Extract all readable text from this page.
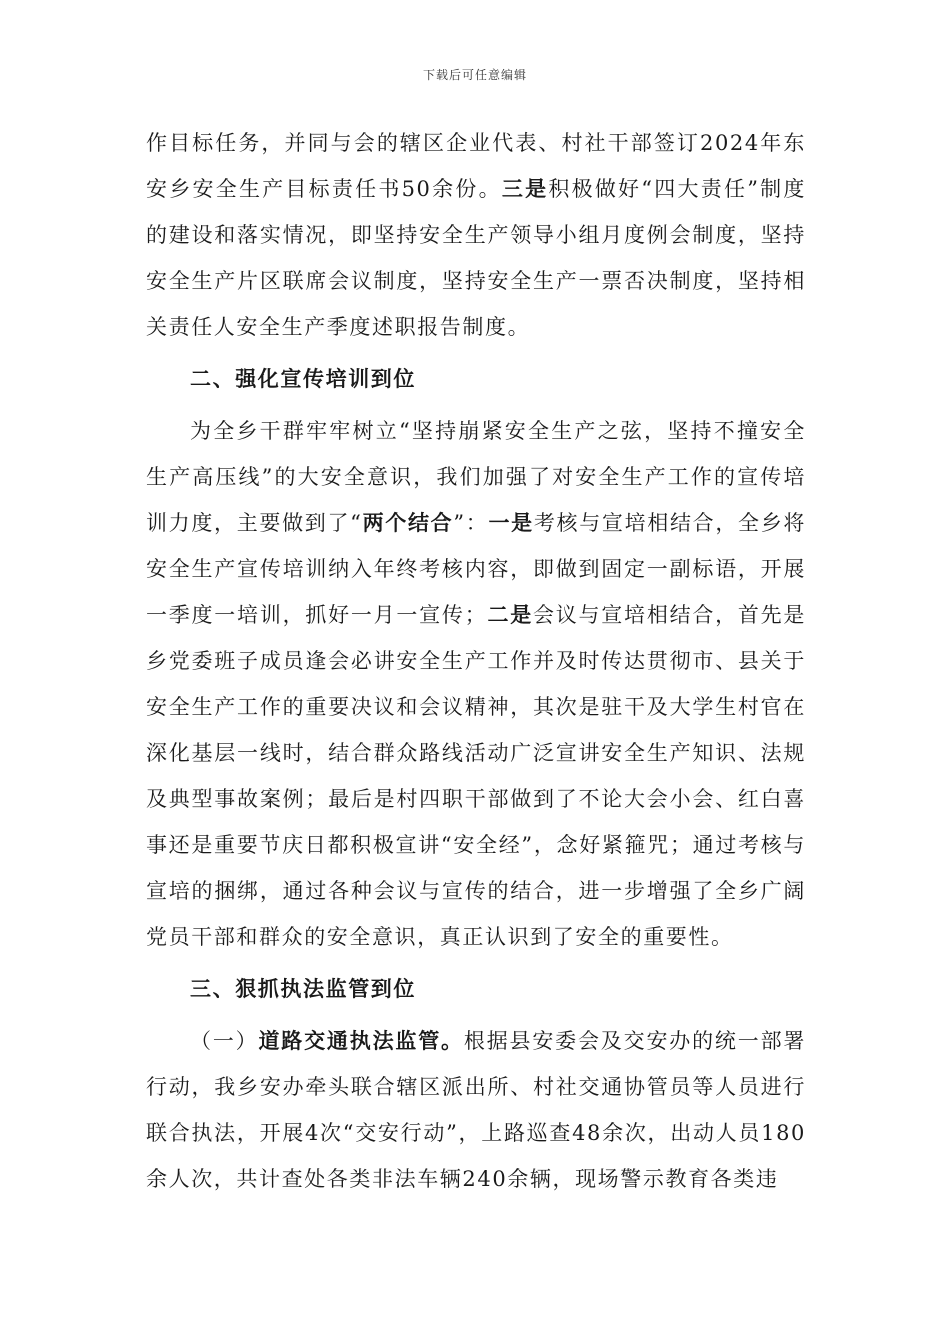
下载后可任意编辑

作目标任务，并同与会的辖区企业代表、村社干部签订2024年东安乡安全生产目标责任书50余份。三是积极做好“四大责任”制度的建设和落实情况，即坚持安全生产领导小组月度例会制度，坚持安全生产片区联席会议制度，坚持安全生产一票否决制度，坚持相关责任人安全生产季度述职报告制度。

二、强化宣传培训到位

为全乡干群牢牢树立“坚持崩紧安全生产之弦，坚持不撞安全生产高压线”的大安全意识，我们加强了对安全生产工作的宣传培训力度，主要做到了“两个结合”：一是考核与宣培相结合，全乡将安全生产宣传培训纳入年终考核内容，即做到固定一副标语，开展一季度一培训，抓好一月一宣传；二是会议与宣培相结合，首先是乡党委班子成员逢会必讲安全生产工作并及时传达贯彻市、县关于安全生产工作的重要决议和会议精神，其次是驻干及大学生村官在深化基层一线时，结合群众路线活动广泛宣讲安全生产知识、法规及典型事故案例；最后是村四职干部做到了不论大会小会、红白喜事还是重要节庆日都积极宣讲“安全经”，念好紧箍咒；通过考核与宣培的捆绑，通过各种会议与宣传的结合，进一步增强了全乡广阔党员干部和群众的安全意识，真正认识到了安全的重要性。

三、狠抓执法监管到位

（一）道路交通执法监管。根据县安委会及交安办的统一部署行动，我乡安办牵头联合辖区派出所、村社交通协管员等人员进行联合执法，开展4次“交安行动”，上路巡查48余次，出动人员180余人次，共计查处各类非法车辆240余辆，现场警示教育各类违
